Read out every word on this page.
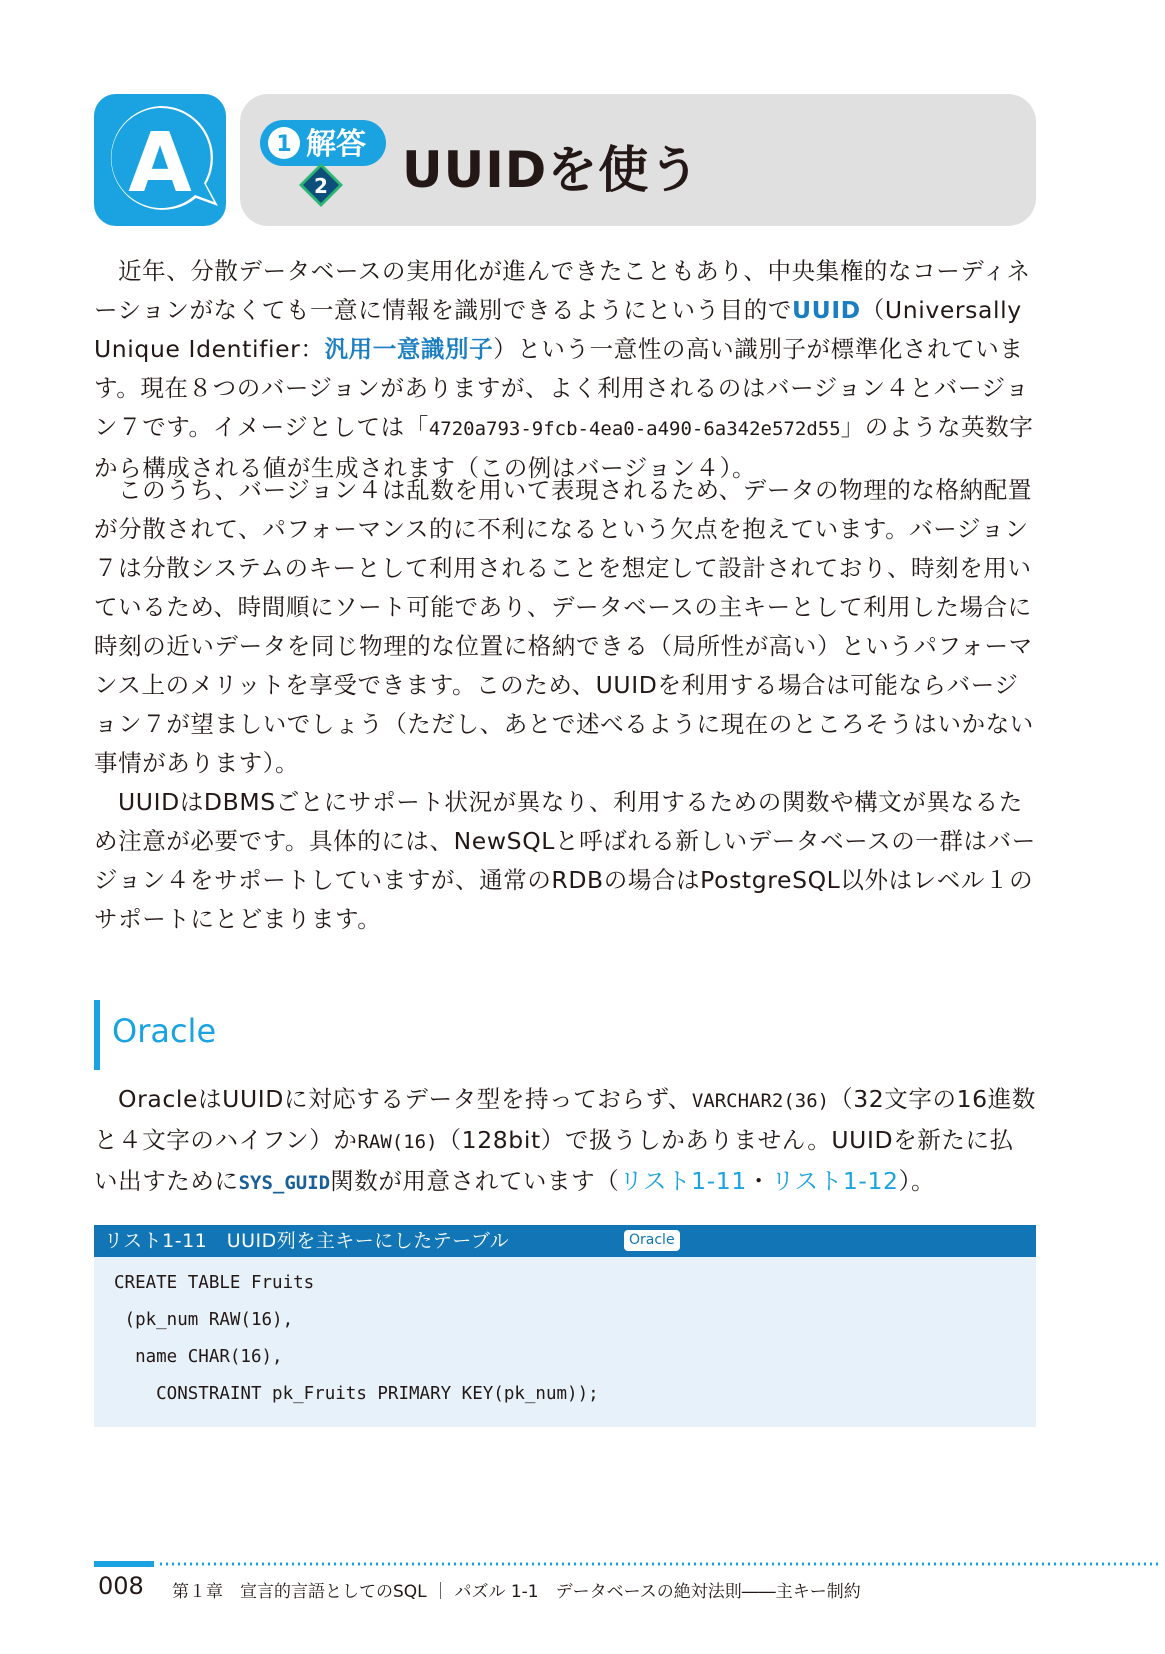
A	1 解答
2 UUIDを使う

近年、分散データベースの実用化が進んできたこともあり、中央集権的なコーディネーションがなくても一意に情報を識別できるようにという目的でUUID（Universally Unique Identifier：汎用一意識別子）という一意性の高い識別子が標準化されています。現在８つのバージョンがありますが、よく利用されるのはバージョン４とバージョン７です。イメージとしては「4720a793-9fcb-4ea0-a490-6a342e572d55」のような英数字から構成される値が生成されます（この例はバージョン４）。

このうち、バージョン４は乱数を用いて表現されるため、データの物理的な格納配置が分散されて、パフォーマンス的に不利になるという欠点を抱えています。バージョン７は分散システムのキーとして利用されることを想定して設計されており、時刻を用いているため、時間順にソート可能であり、データベースの主キーとして利用した場合に時刻の近いデータを同じ物理的な位置に格納できる（局所性が高い）というパフォーマンス上のメリットを享受できます。このため、UUIDを利用する場合は可能ならバージョン７が望ましいでしょう（ただし、あとで述べるように現在のところそうはいかない事情があります）。

UUIDはDBMSごとにサポート状況が異なり、利用するための関数や構文が異なるため注意が必要です。具体的には、NewSQLと呼ばれる新しいデータベースの一群はバージョン４をサポートしていますが、通常のRDBの場合はPostgreSQL以外はレベル１のサポートにとどまります。

Oracle

OracleはUUIDに対応するデータ型を持っておらず、VARCHAR2(36)（32文字の16進数と４文字のハイフン）かRAW(16)（128bit）で扱うしかありません。UUIDを新たに払い出すためにSYS_GUID関数が用意されています（リスト1-11・リスト1-12）。

リスト1-11　UUID列を主キーにしたテーブル	Oracle
CREATE TABLE Fruits
(pk_num RAW(16),
name CHAR(16),
CONSTRAINT pk_Fruits PRIMARY KEY(pk_num));
008 第１章　宣言的言語としてのSQL ｜ パズル 1-1　データベースの絶対法則――主キー制約
